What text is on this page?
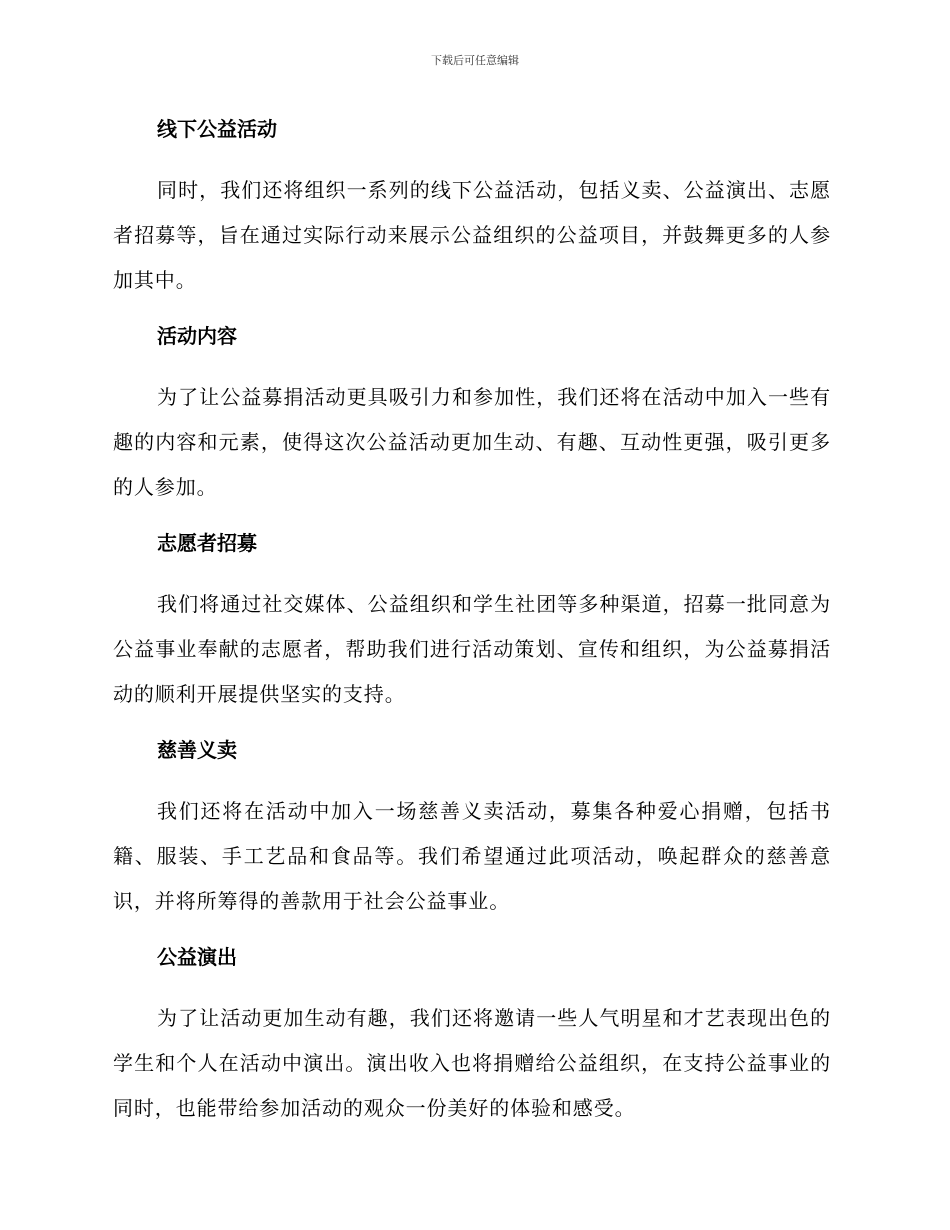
下载后可任意编辑
线下公益活动

同时，我们还将组织一系列的线下公益活动，包括义卖、公益演出、志愿者招募等，旨在通过实际行动来展示公益组织的公益项目，并鼓舞更多的人参加其中。

活动内容

为了让公益募捐活动更具吸引力和参加性，我们还将在活动中加入一些有趣的内容和元素，使得这次公益活动更加生动、有趣、互动性更强，吸引更多的人参加。

志愿者招募

我们将通过社交媒体、公益组织和学生社团等多种渠道，招募一批同意为公益事业奉献的志愿者，帮助我们进行活动策划、宣传和组织，为公益募捐活动的顺利开展提供坚实的支持。

慈善义卖

我们还将在活动中加入一场慈善义卖活动，募集各种爱心捐赠，包括书籍、服装、手工艺品和食品等。我们希望通过此项活动，唤起群众的慈善意识，并将所筹得的善款用于社会公益事业。

公益演出

为了让活动更加生动有趣，我们还将邀请一些人气明星和才艺表现出色的学生和个人在活动中演出。演出收入也将捐赠给公益组织，在支持公益事业的同时，也能带给参加活动的观众一份美好的体验和感受。
